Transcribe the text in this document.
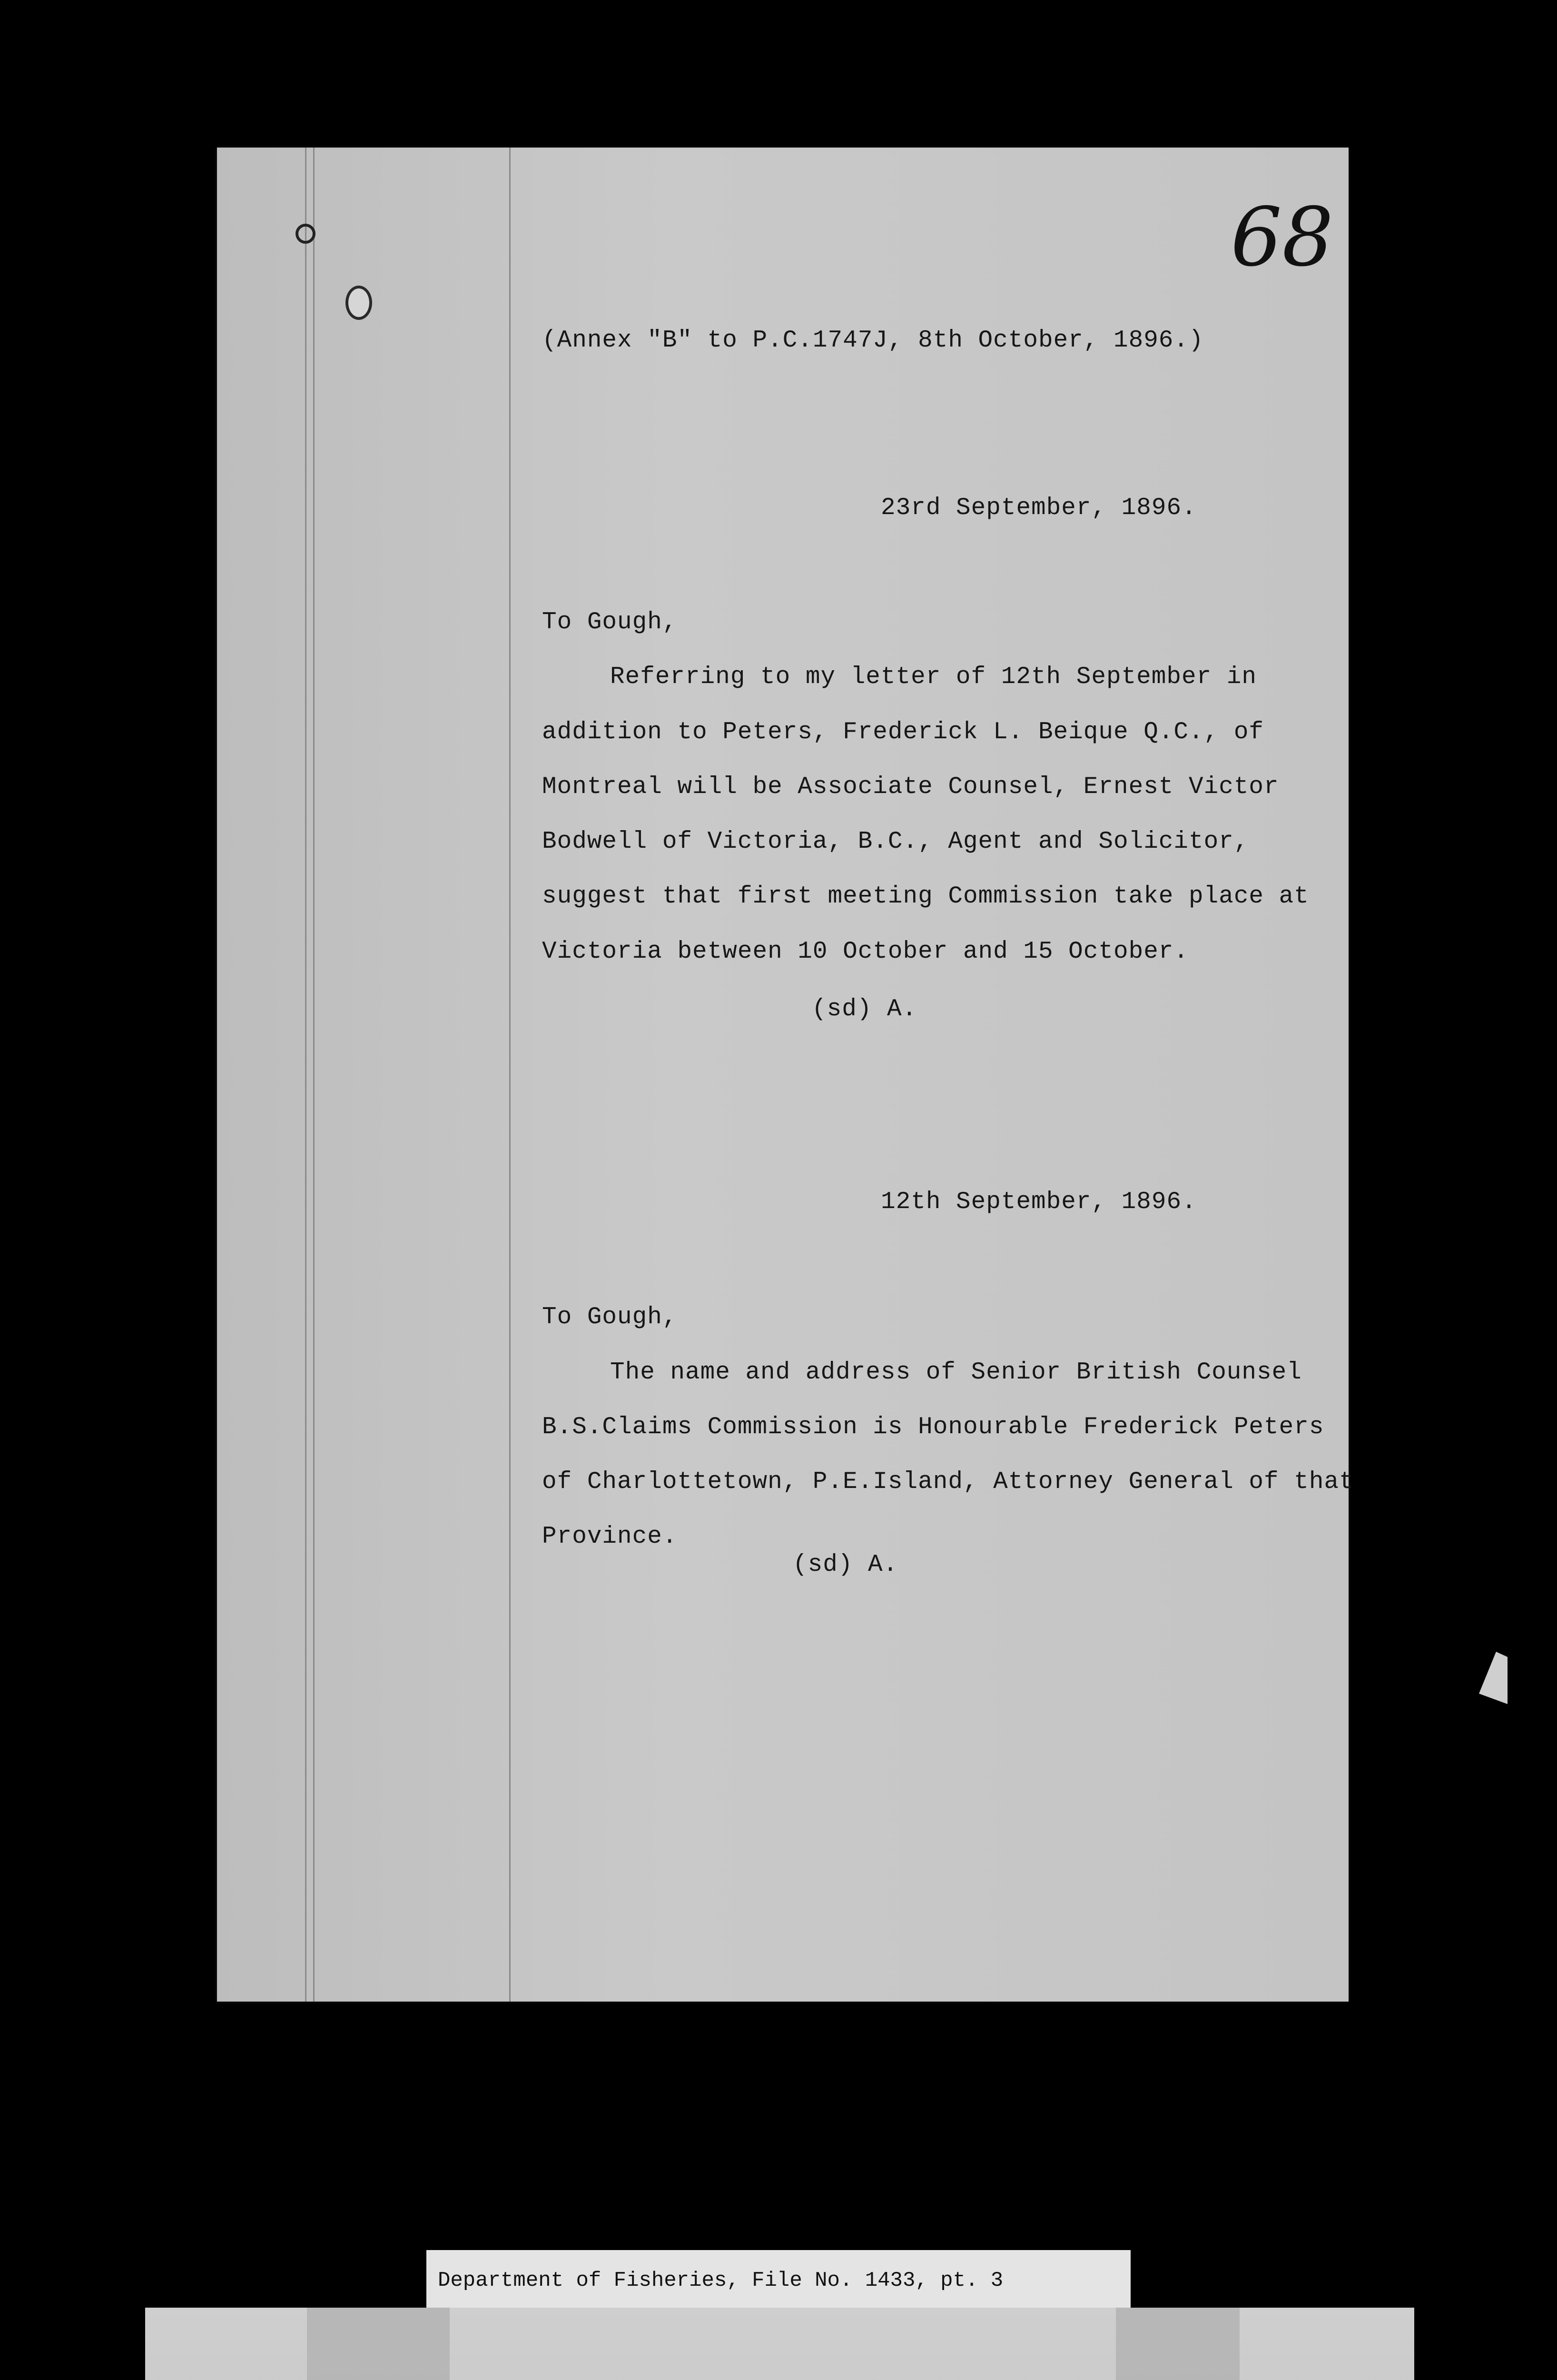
68
(Annex "B" to P.C.1747J, 8th October, 1896.)
23rd September, 1896.
To Gough,
Referring to my letter of 12th September in
addition to Peters, Frederick L. Beique Q.C., of
Montreal will be Associate Counsel, Ernest Victor
Bodwell of Victoria, B.C., Agent and Solicitor,
suggest that first meeting Commission take place at
Victoria between 10 October and 15 October.
(sd) A.
12th September, 1896.
To Gough,
The name and address of Senior British Counsel
B.S.Claims Commission is Honourable Frederick Peters
of Charlottetown, P.E.Island, Attorney General of that
Province.
(sd) A.
Department of Fisheries, File No. 1433, pt. 3
